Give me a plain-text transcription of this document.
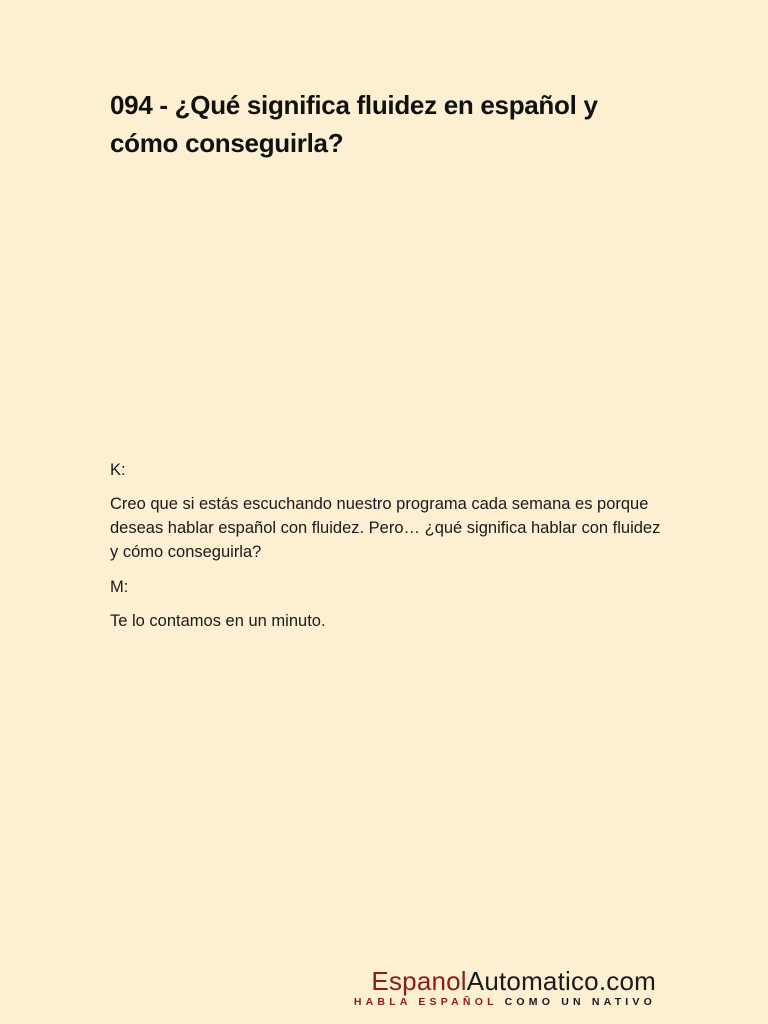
094 - ¿Qué significa fluidez en español y cómo conseguirla?

K:

Creo que si estás escuchando nuestro programa cada semana es porque deseas hablar español con fluidez. Pero… ¿qué significa hablar con fluidez y cómo conseguirla?

M:

Te lo contamos en un minuto.

EspanolAutomatico.com
HABLA ESPAÑOL COMO UN NATIVO
